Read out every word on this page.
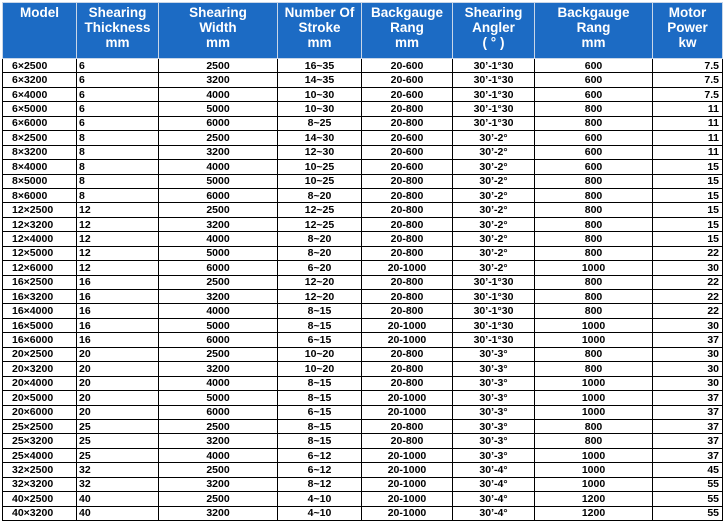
Model	Shearing
Thickness
mm	Shearing
Width
mm	Number Of
Stroke
mm	Backgauge
Rang
mm	Shearing
Angler
( ° )	Backgauge
Rang
mm	Motor
Power
kw

6×2500	6	2500	16~35	20-600	30’-1°30	600	7.5
6×3200	6	3200	14~35	20-600	30’-1°30	600	7.5
6×4000	6	4000	10~30	20-600	30’-1°30	600	7.5
6×5000	6	5000	10~30	20-800	30’-1°30	800	11
6×6000	6	6000	8~25	20-800	30’-1°30	800	11
8×2500	8	2500	14~30	20-600	30’-2°	600	11
8×3200	8	3200	12~30	20-600	30’-2°	600	11
8×4000	8	4000	10~25	20-600	30’-2°	600	15
8×5000	8	5000	10~25	20-800	30’-2°	800	15
8×6000	8	6000	8~20	20-800	30’-2°	800	15
12×2500	12	2500	12~25	20-800	30’-2°	800	15
12×3200	12	3200	12~25	20-800	30’-2°	800	15
12×4000	12	4000	8~20	20-800	30’-2°	800	15
12×5000	12	5000	8~20	20-800	30’-2°	800	22
12×6000	12	6000	6~20	20-1000	30’-2°	1000	30
16×2500	16	2500	12~20	20-800	30’-1°30	800	22
16×3200	16	3200	12~20	20-800	30’-1°30	800	22
16×4000	16	4000	8~15	20-800	30’-1°30	800	22
16×5000	16	5000	8~15	20-1000	30’-1°30	1000	30
16×6000	16	6000	6~15	20-1000	30’-1°30	1000	37
20×2500	20	2500	10~20	20-800	30’-3°	800	30
20×3200	20	3200	10~20	20-800	30’-3°	800	30
20×4000	20	4000	8~15	20-800	30’-3°	1000	30
20×5000	20	5000	8~15	20-1000	30’-3°	1000	37
20×6000	20	6000	6~15	20-1000	30’-3°	1000	37
25×2500	25	2500	8~15	20-800	30’-3°	800	37
25×3200	25	3200	8~15	20-800	30’-3°	800	37
25×4000	25	4000	6~12	20-1000	30’-3°	1000	37
32×2500	32	2500	6~12	20-1000	30’-4°	1000	45
32×3200	32	3200	8~12	20-1000	30’-4°	1000	55
40×2500	40	2500	4~10	20-1000	30’-4°	1200	55
40×3200	40	3200	4~10	20-1000	30’-4°	1200	55
